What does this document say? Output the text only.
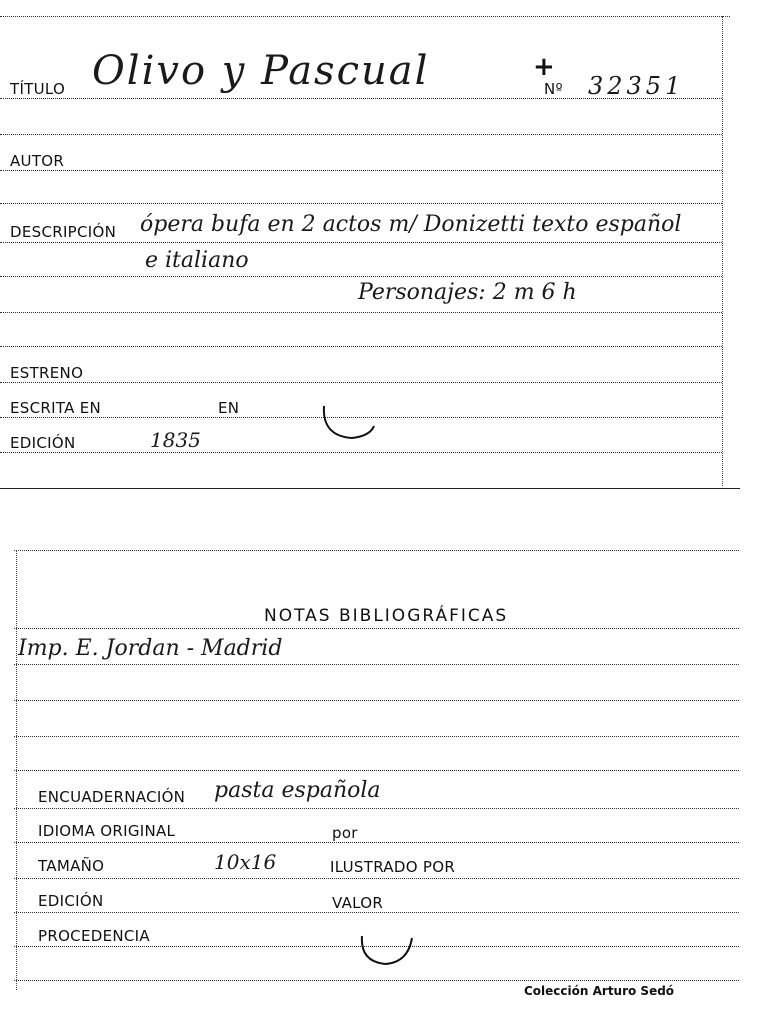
TÍTULO Olivo y Pascual	+
Nº 32351
AUTOR
DESCRIPCIÓN ópera bufa en 2 actos m/ Donizetti texto español
e italiano
Personajes: 2 m 6 h
ESTRENO
ESCRITA EN	EN
EDICIÓN	1835
NOTAS BIBLIOGRÁFICAS
Imp. E. Jordan - Madrid
ENCUADERNACIÓN pasta española
IDIOMA ORIGINAL	por
TAMAÑO	10x16	ILUSTRADO POR
EDICIÓN	VALOR
PROCEDENCIA
Colección Arturo Sedó
